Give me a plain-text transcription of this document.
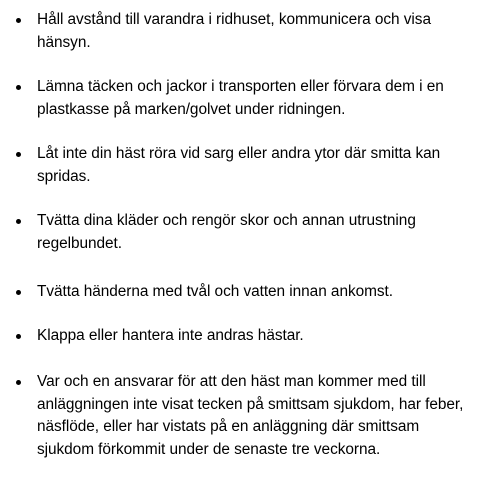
Håll avstånd till varandra i ridhuset, kommunicera och visa
hänsyn.
Lämna täcken och jackor i transporten eller förvara dem i en
plastkasse på marken/golvet under ridningen.
Låt inte din häst röra vid sarg eller andra ytor där smitta kan
spridas.
Tvätta dina kläder och rengör skor och annan utrustning
regelbundet.
Tvätta händerna med tvål och vatten innan ankomst.
Klappa eller hantera inte andras hästar.
Var och en ansvarar för att den häst man kommer med till
anläggningen inte visat tecken på smittsam sjukdom, har feber,
näsflöde, eller har vistats på en anläggning där smittsam
sjukdom förkommit under de senaste tre veckorna.
